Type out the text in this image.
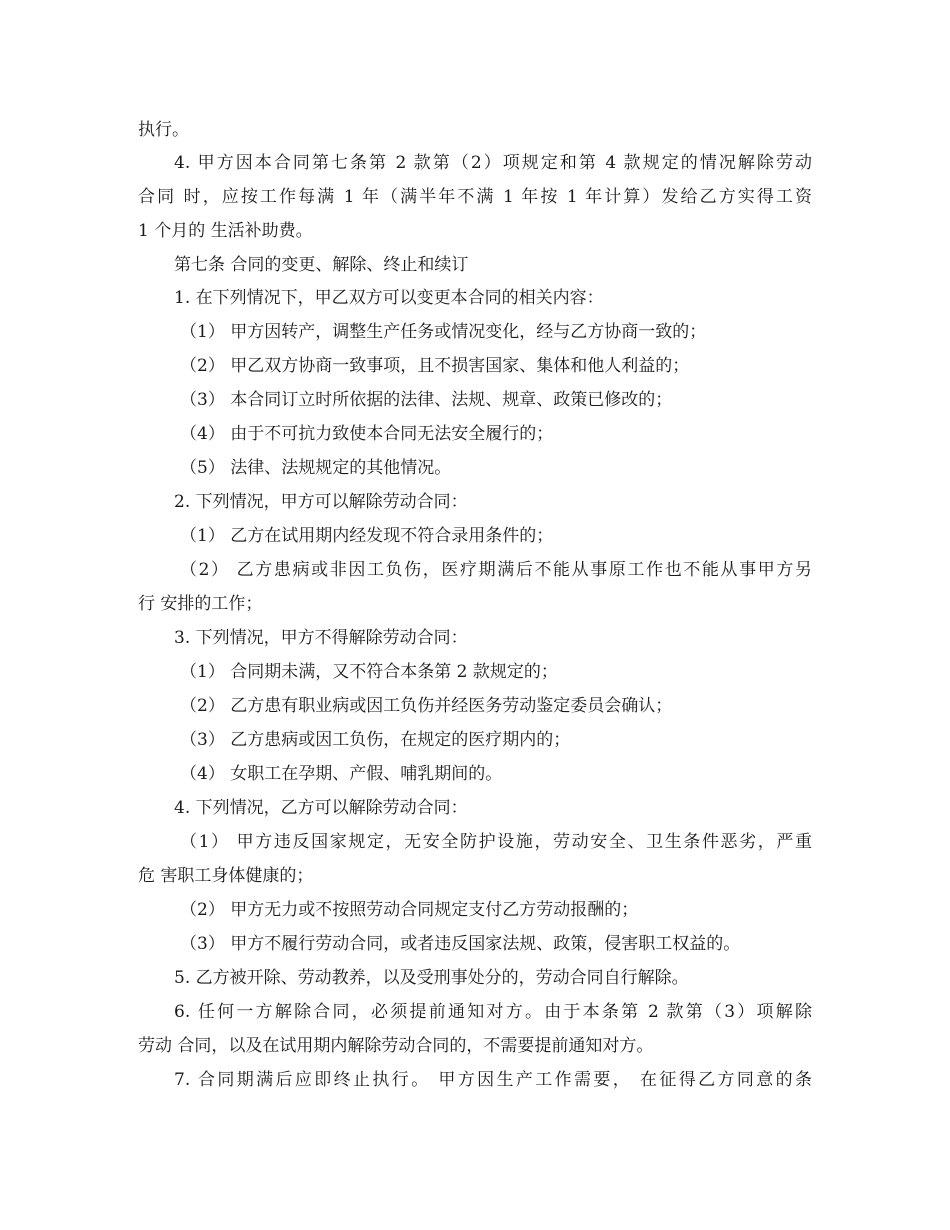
执行。
4. 甲方因本合同第七条第 2 款第（2）项规定和第 4 款规定的情况解除劳动
合同 时，应按工作每满 1 年（满半年不满 1 年按 1 年计算）发给乙方实得工资
1 个月的 生活补助费。
第七条 合同的变更、解除、终止和续订
1. 在下列情况下，甲乙双方可以变更本合同的相关内容：
（1） 甲方因转产，调整生产任务或情况变化，经与乙方协商一致的；
（2） 甲乙双方协商一致事项，且不损害国家、集体和他人利益的；
（3） 本合同订立时所依据的法律、法规、规章、政策已修改的；
（4） 由于不可抗力致使本合同无法安全履行的；
（5） 法律、法规规定的其他情况。
2. 下列情况，甲方可以解除劳动合同：
（1） 乙方在试用期内经发现不符合录用条件的；
（2） 乙方患病或非因工负伤，医疗期满后不能从事原工作也不能从事甲方另
行 安排的工作；
3. 下列情况，甲方不得解除劳动合同：
（1） 合同期未满，又不符合本条第 2 款规定的；
（2） 乙方患有职业病或因工负伤并经医务劳动鉴定委员会确认；
（3） 乙方患病或因工负伤，在规定的医疗期内的；
（4） 女职工在孕期、产假、哺乳期间的。
4. 下列情况，乙方可以解除劳动合同：
（1） 甲方违反国家规定，无安全防护设施，劳动安全、卫生条件恶劣，严重
危 害职工身体健康的；
（2） 甲方无力或不按照劳动合同规定支付乙方劳动报酬的；
（3） 甲方不履行劳动合同，或者违反国家法规、政策，侵害职工权益的。
5. 乙方被开除、劳动教养，以及受刑事处分的，劳动合同自行解除。
6. 任何一方解除合同，必须提前通知对方。由于本条第 2 款第（3）项解除
劳动 合同，以及在试用期内解除劳动合同的，不需要提前通知对方。
7. 合同期满后应即终止执行。 甲方因生产工作需要， 在征得乙方同意的条
